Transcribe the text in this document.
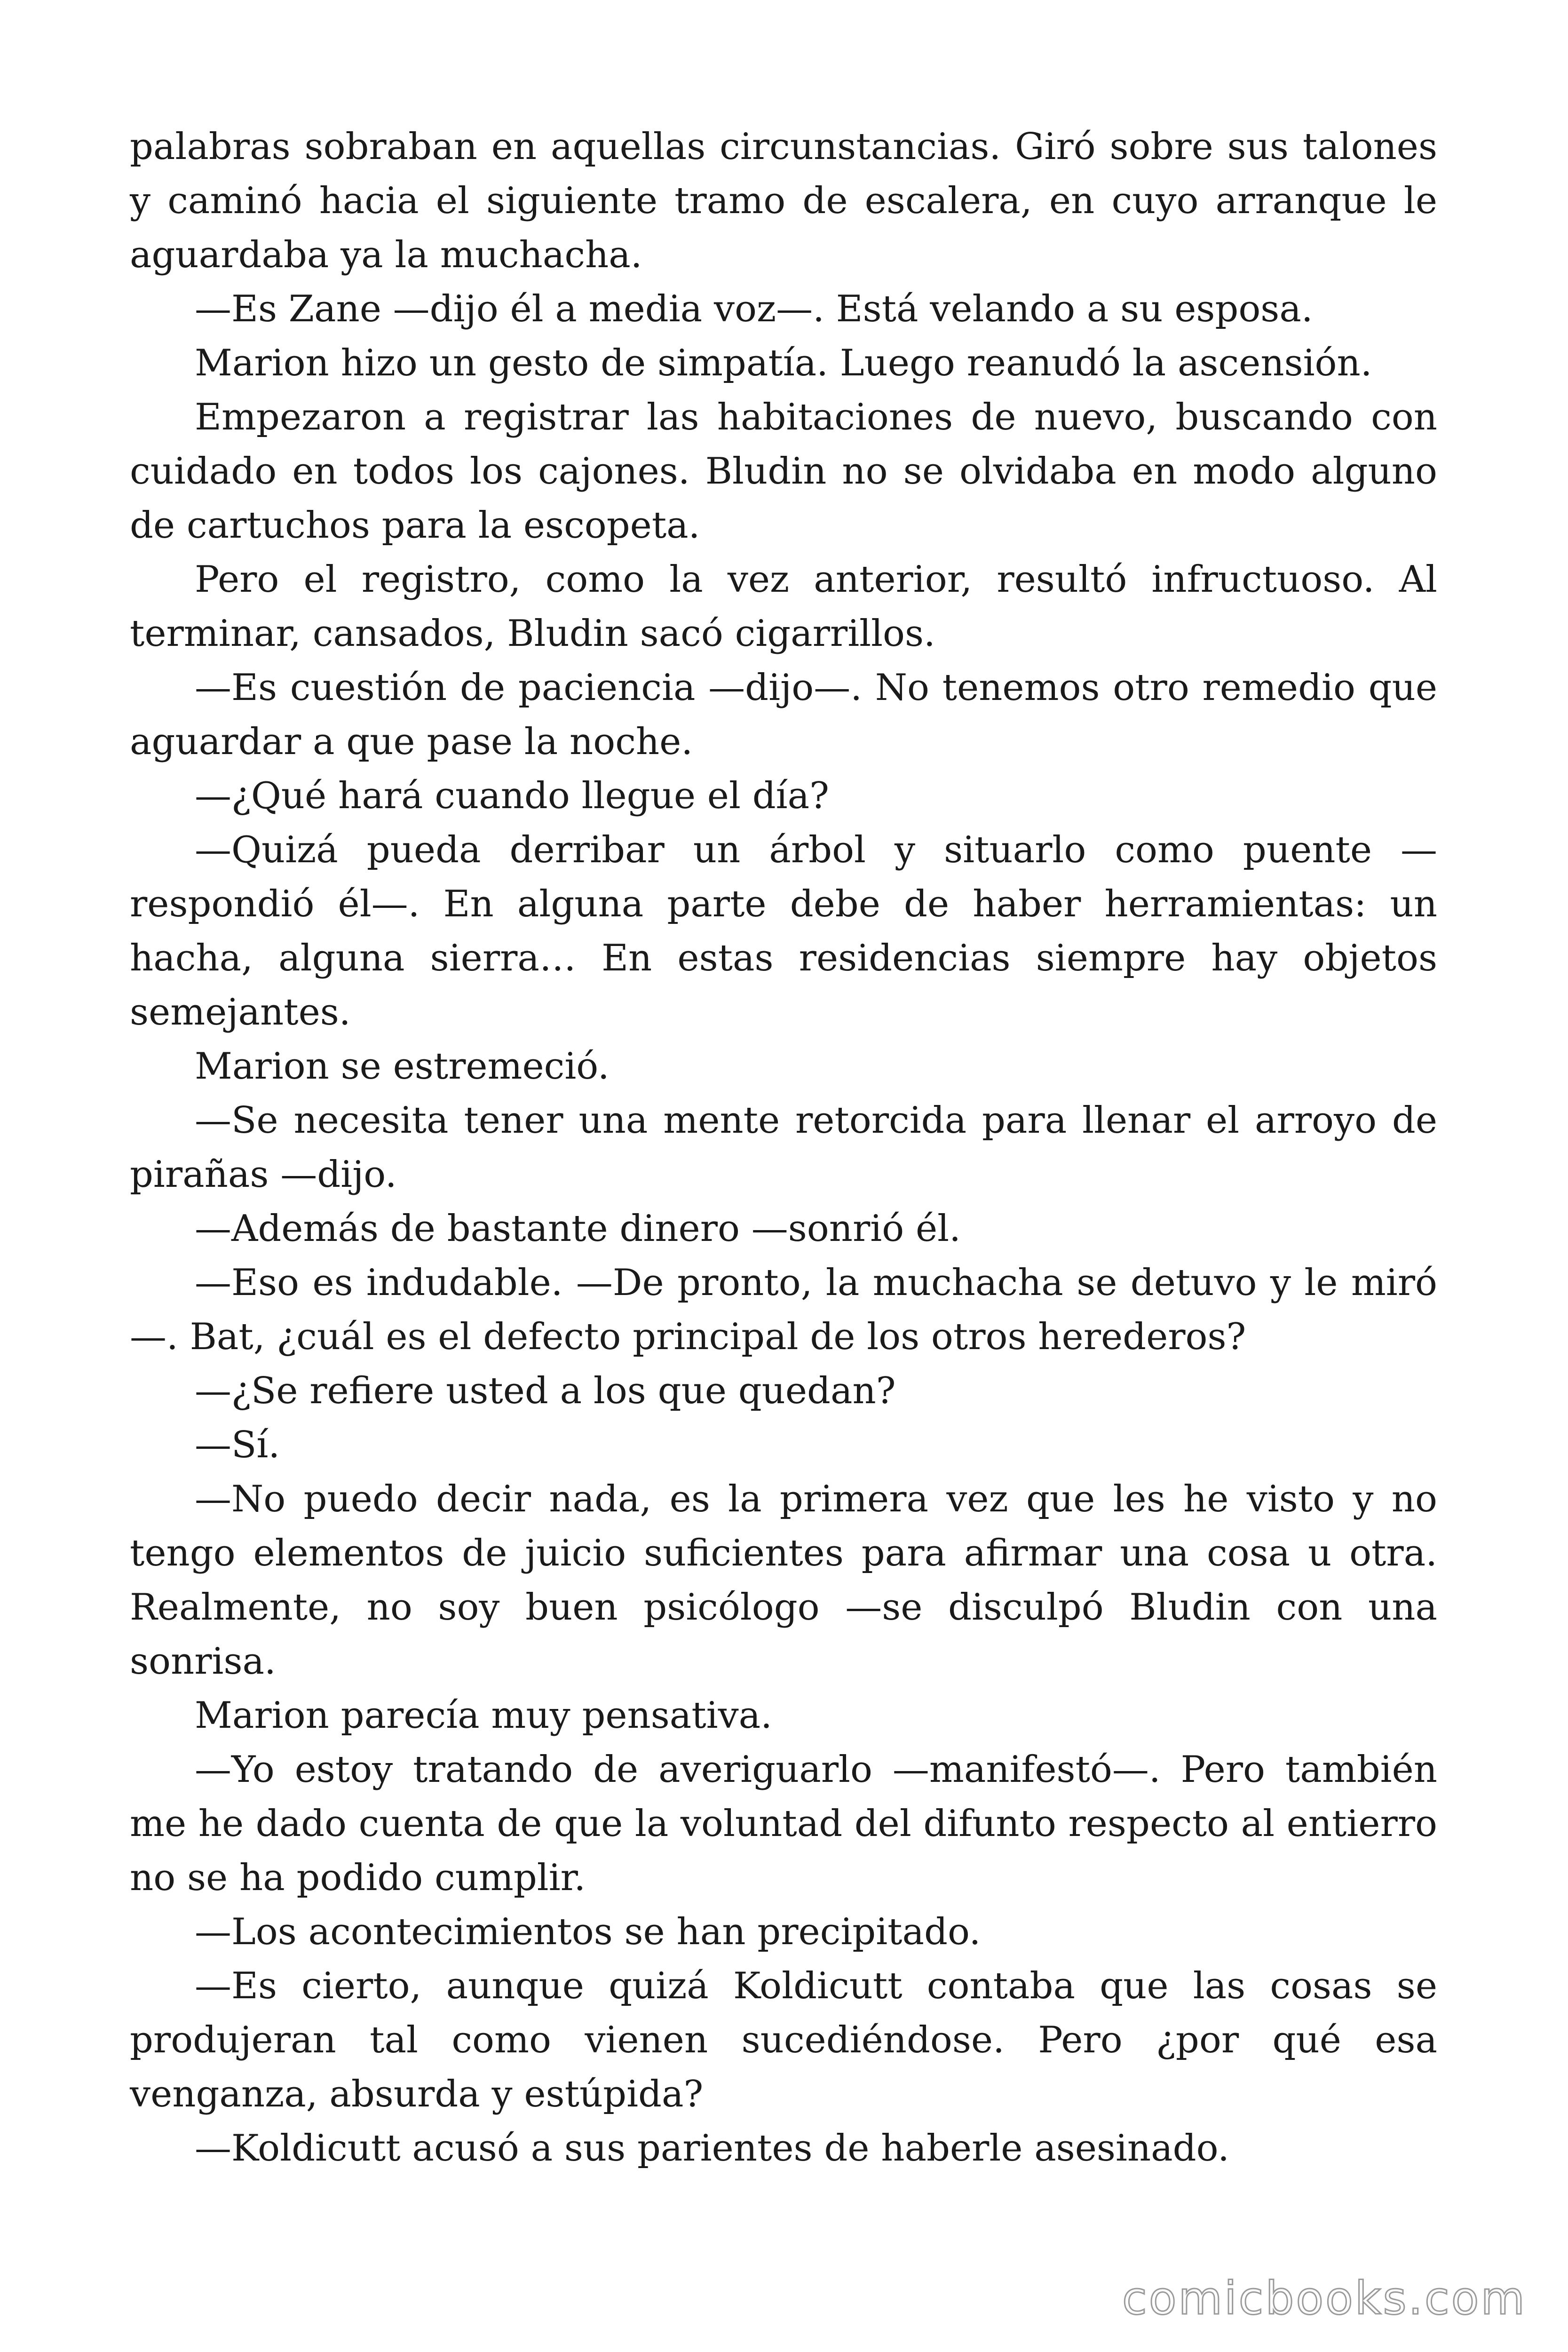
palabras sobraban en aquellas circunstancias. Giró sobre sus talones y caminó hacia el siguiente tramo de escalera, en cuyo arranque le aguardaba ya la muchacha.

—Es Zane —dijo él a media voz—. Está velando a su esposa.

Marion hizo un gesto de simpatía. Luego reanudó la ascensión.

Empezaron a registrar las habitaciones de nuevo, buscando con cuidado en todos los cajones. Bludin no se olvidaba en modo alguno de cartuchos para la escopeta.

Pero el registro, como la vez anterior, resultó infructuoso. Al terminar, cansados, Bludin sacó cigarrillos.

—Es cuestión de paciencia —dijo—. No tenemos otro remedio que aguardar a que pase la noche.

—¿Qué hará cuando llegue el día?

—Quizá pueda derribar un árbol y situarlo como puente —respondió él—. En alguna parte debe de haber herramientas: un hacha, alguna sierra… En estas residencias siempre hay objetos semejantes.

Marion se estremeció.

—Se necesita tener una mente retorcida para llenar el arroyo de pirañas —dijo.

—Además de bastante dinero —sonrió él.

—Eso es indudable. —De pronto, la muchacha se detuvo y le miró—. Bat, ¿cuál es el defecto principal de los otros herederos?

—¿Se refiere usted a los que quedan?

—Sí.

—No puedo decir nada, es la primera vez que les he visto y no tengo elementos de juicio suficientes para afirmar una cosa u otra. Realmente, no soy buen psicólogo —se disculpó Bludin con una sonrisa.

Marion parecía muy pensativa.

—Yo estoy tratando de averiguarlo —manifestó—. Pero también me he dado cuenta de que la voluntad del difunto respecto al entierro no se ha podido cumplir.

—Los acontecimientos se han precipitado.

—Es cierto, aunque quizá Koldicutt contaba que las cosas se produjeran tal como vienen sucediéndose. Pero ¿por qué esa venganza, absurda y estúpida?

—Koldicutt acusó a sus parientes de haberle asesinado.

comicbooks.com
